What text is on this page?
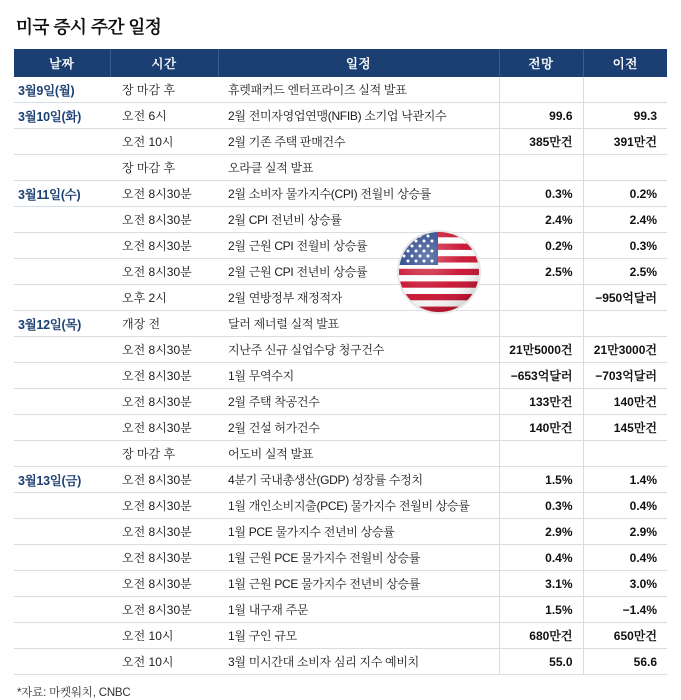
미국 증시 주간 일정
날짜	시간	일정	전망	이전
3월9일(월)	장 마감 후	휴렛패커드 엔터프라이즈 실적 발표		
3월10일(화)	오전 6시	2월 전미자영업연맹(NFIB) 소기업 낙관지수	99.6	99.3
	오전 10시	2월 기존 주택 판매건수	385만건	391만건
	장 마감 후	오라클 실적 발표		
3월11일(수)	오전 8시30분	2월 소비자 물가지수(CPI) 전월비 상승률	0.3%	0.2%
	오전 8시30분	2월 CPI 전년비 상승률	2.4%	2.4%
	오전 8시30분	2월 근원 CPI 전월비 상승률	0.2%	0.3%
	오전 8시30분	2월 근원 CPI 전년비 상승률	2.5%	2.5%
	오후 2시	2월 연방정부 재정적자		−950억달러
3월12일(목)	개장 전	달러 제너럴 실적 발표		
	오전 8시30분	지난주 신규 실업수당 청구건수	21만5000건	21만3000건
	오전 8시30분	1월 무역수지	−653억달러	−703억달러
	오전 8시30분	2월 주택 착공건수	133만건	140만건
	오전 8시30분	2월 건설 허가건수	140만건	145만건
	장 마감 후	어도비 실적 발표		
3월13일(금)	오전 8시30분	4분기 국내총생산(GDP) 성장률 수정치	1.5%	1.4%
	오전 8시30분	1월 개인소비지출(PCE) 물가지수 전월비 상승률	0.3%	0.4%
	오전 8시30분	1월 PCE 물가지수 전년비 상승률	2.9%	2.9%
	오전 8시30분	1월 근원 PCE 물가지수 전월비 상승률	0.4%	0.4%
	오전 8시30분	1월 근원 PCE 물가지수 전년비 상승률	3.1%	3.0%
	오전 8시30분	1월 내구재 주문	1.5%	−1.4%
	오전 10시	1월 구인 규모	680만건	650만건
	오전 10시	3월 미시간대 소비자 심리 지수 예비치	55.0	56.6
*자료: 마켓워치, CNBC
